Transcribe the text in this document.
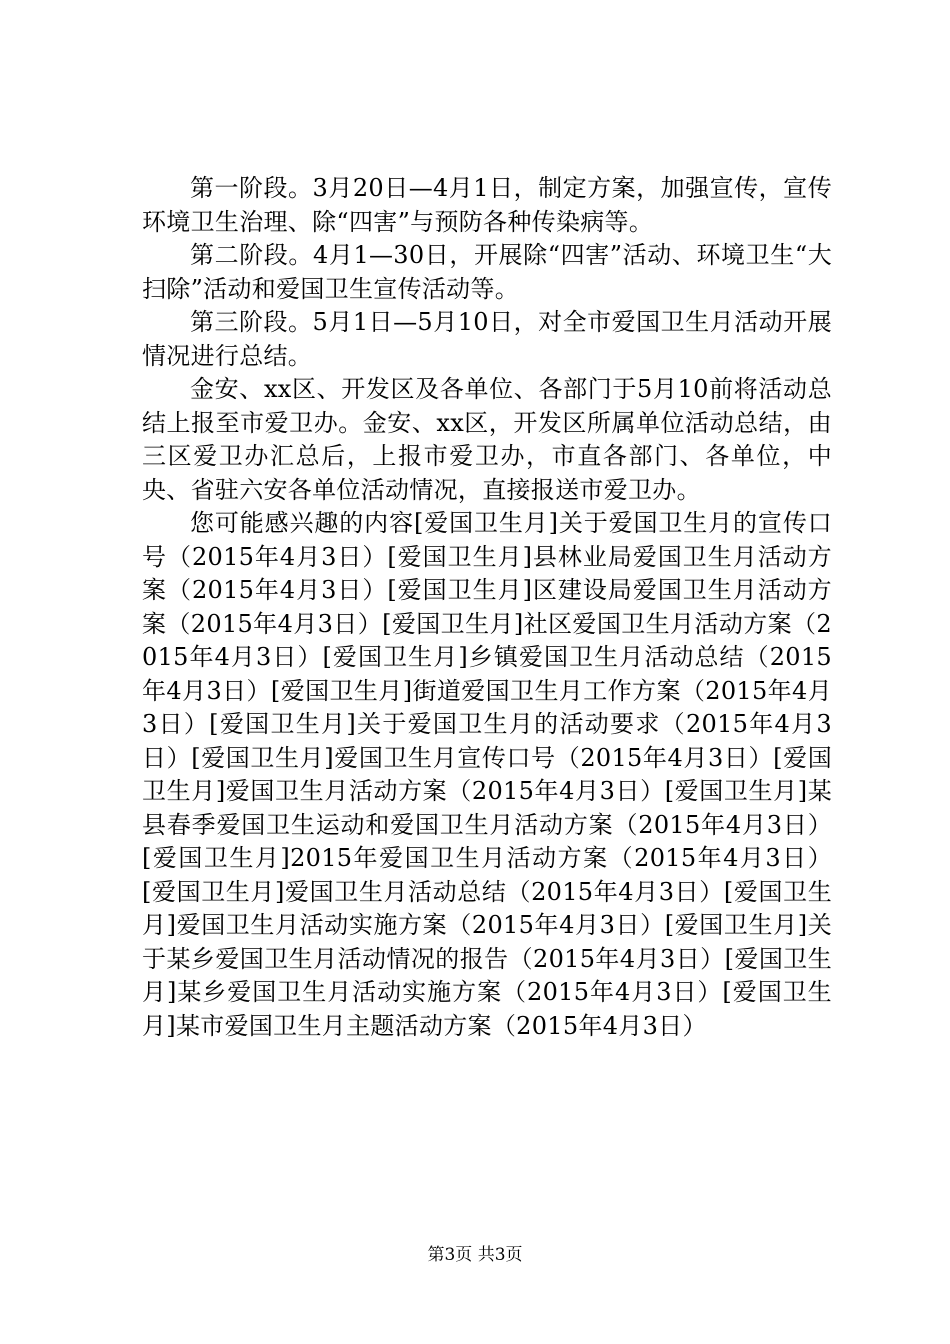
第一阶段。3月20日—4月1日，制定方案，加强宣传，宣传环境卫生治理、除“四害”与预防各种传染病等。

第二阶段。4月1—30日，开展除“四害”活动、环境卫生“大扫除”活动和爱国卫生宣传活动等。

第三阶段。5月1日—5月10日，对全市爱国卫生月活动开展情况进行总结。

金安、xx区、开发区及各单位、各部门于5月10前将活动总结上报至市爱卫办。金安、xx区，开发区所属单位活动总结，由三区爱卫办汇总后，上报市爱卫办，市直各部门、各单位，中央、省驻六安各单位活动情况，直接报送市爱卫办。

您可能感兴趣的内容[爱国卫生月]关于爱国卫生月的宣传口号（2015年4月3日）[爱国卫生月]县林业局爱国卫生月活动方案（2015年4月3日）[爱国卫生月]区建设局爱国卫生月活动方案（2015年4月3日）[爱国卫生月]社区爱国卫生月活动方案（2015年4月3日）[爱国卫生月]乡镇爱国卫生月活动总结（2015年4月3日）[爱国卫生月]街道爱国卫生月工作方案（2015年4月3日）[爱国卫生月]关于爱国卫生月的活动要求（2015年4月3日）[爱国卫生月]爱国卫生月宣传口号（2015年4月3日）[爱国卫生月]爱国卫生月活动方案（2015年4月3日）[爱国卫生月]某县春季爱国卫生运动和爱国卫生月活动方案（2015年4月3日）[爱国卫生月]2015年爱国卫生月活动方案（2015年4月3日）[爱国卫生月]爱国卫生月活动总结（2015年4月3日）[爱国卫生月]爱国卫生月活动实施方案（2015年4月3日）[爱国卫生月]关于某乡爱国卫生月活动情况的报告（2015年4月3日）[爱国卫生月]某乡爱国卫生月活动实施方案（2015年4月3日）[爱国卫生月]某市爱国卫生月主题活动方案（2015年4月3日）

第3页 共3页
